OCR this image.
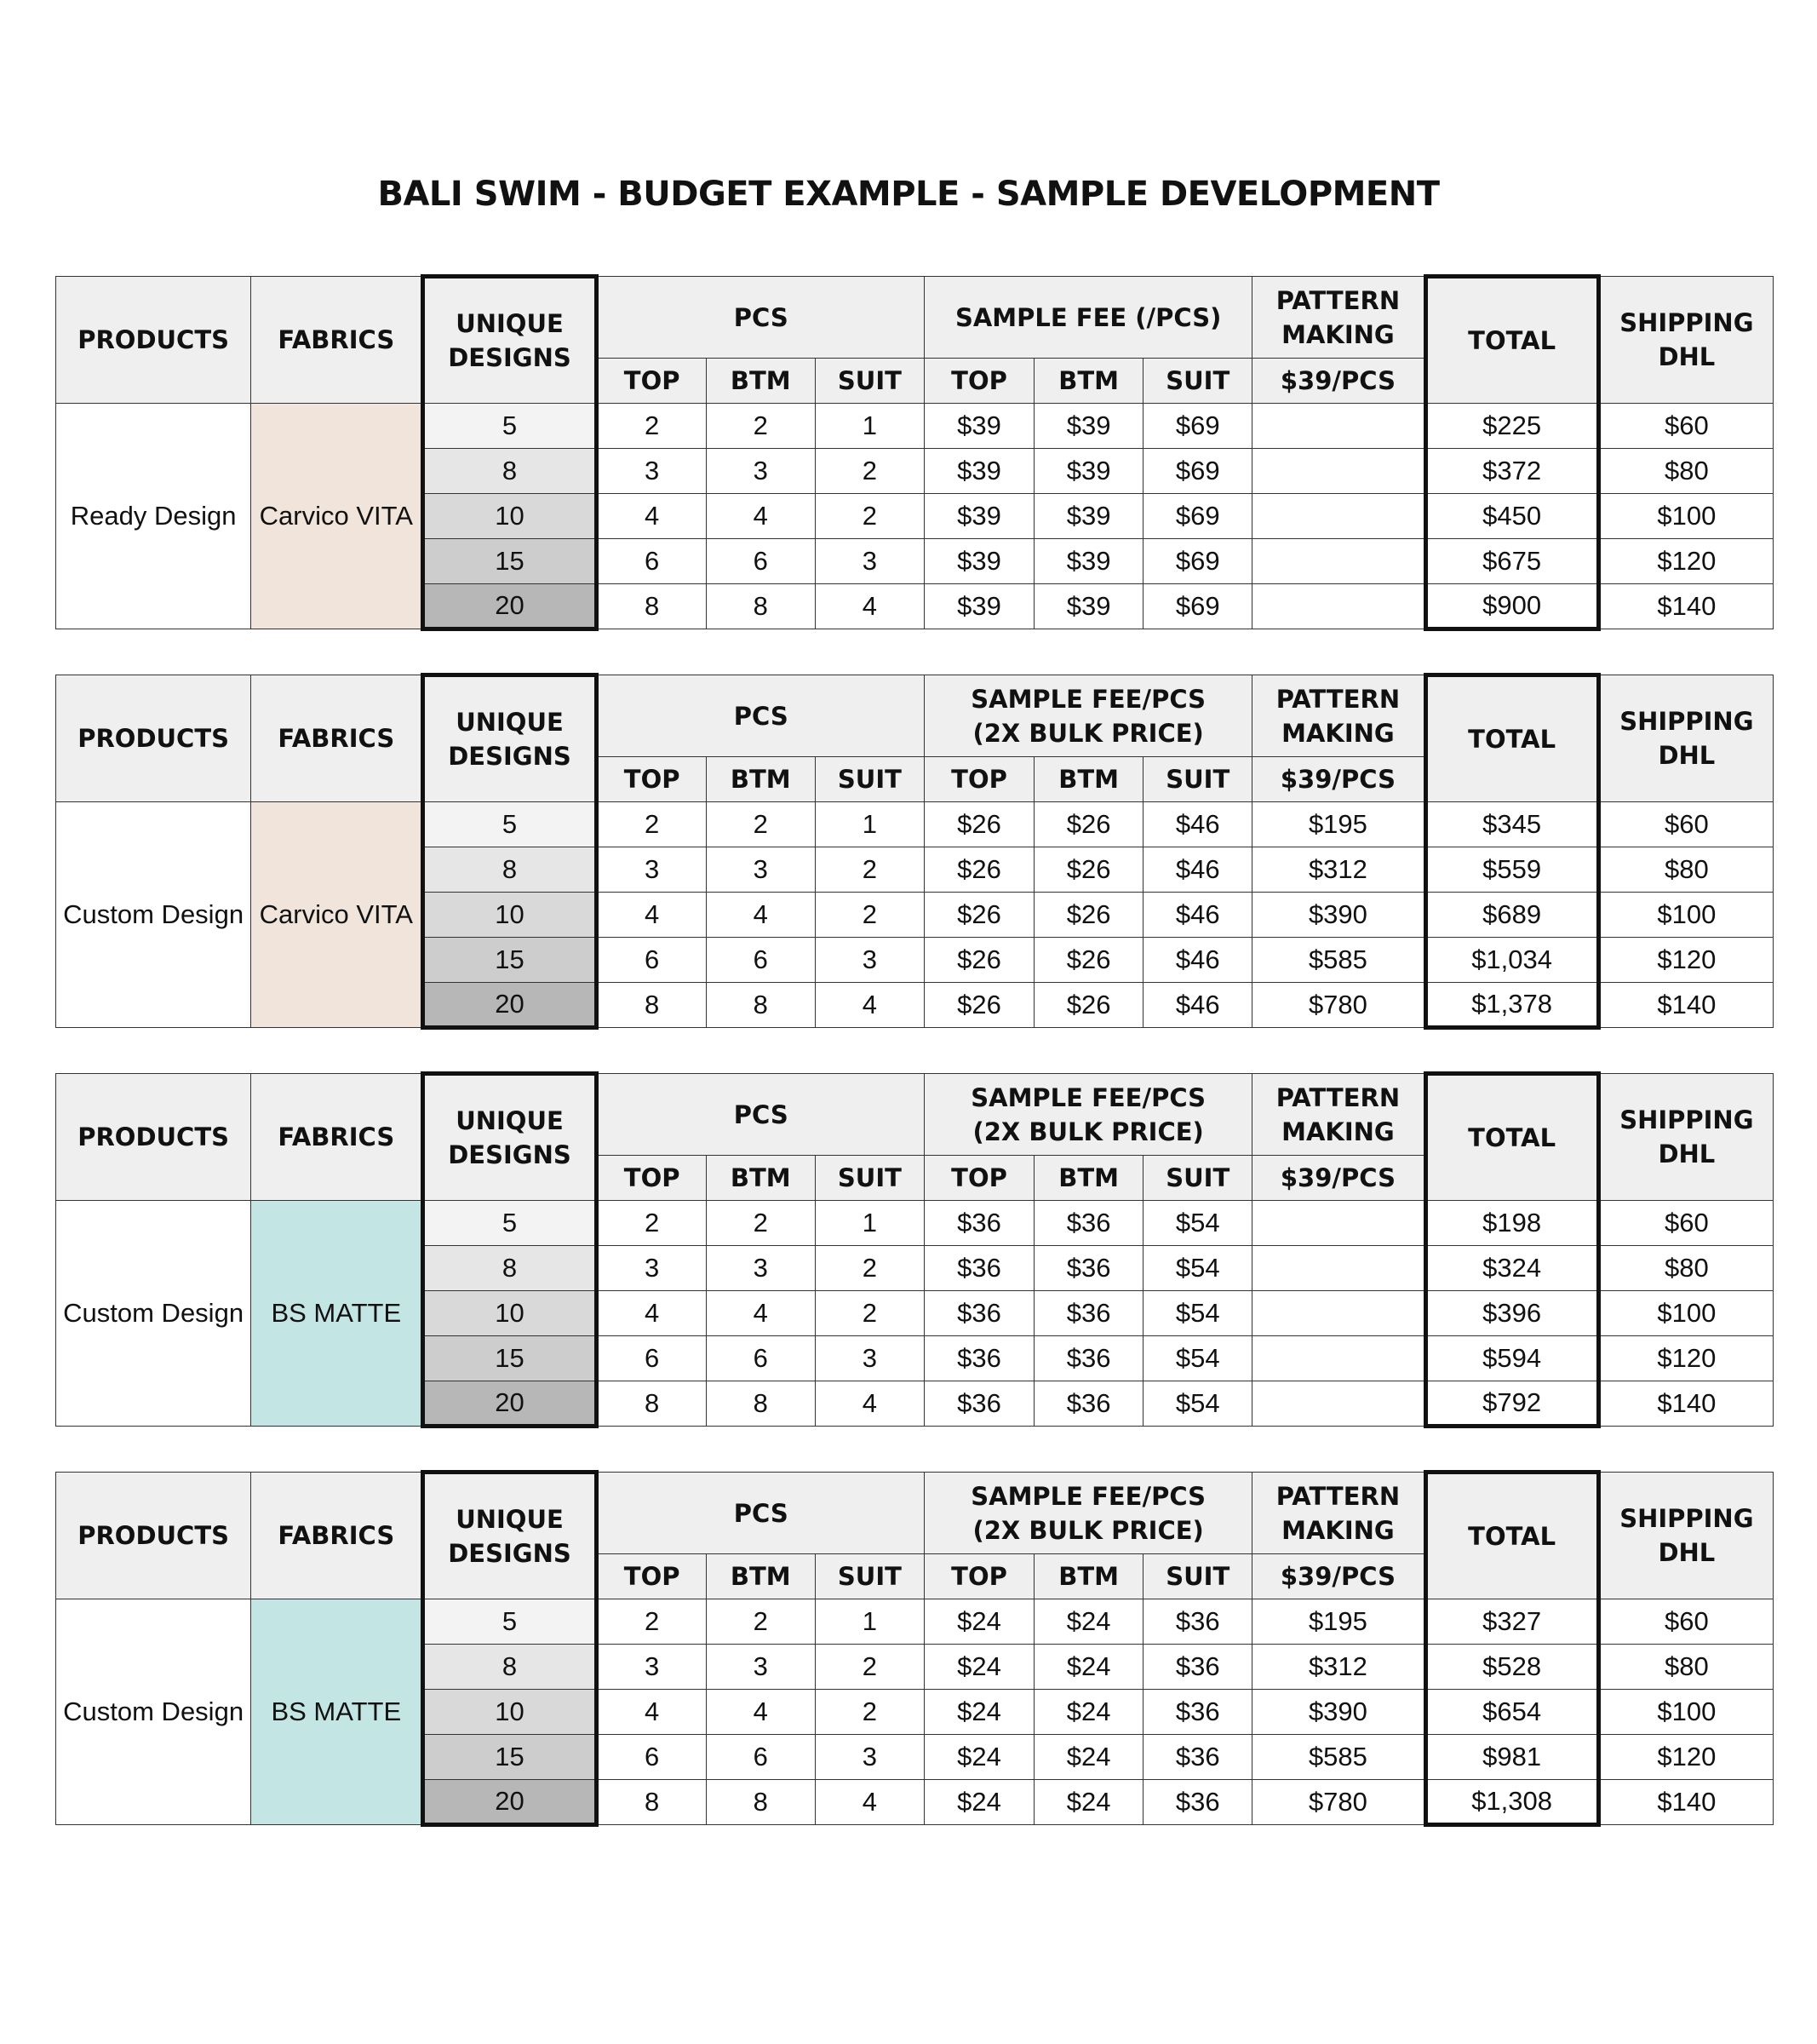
BALI SWIM - BUDGET EXAMPLE - SAMPLE DEVELOPMENT
PRODUCTS	FABRICS	UNIQUE
DESIGNS	PCS			SAMPLE FEE (/PCS)			PATTERN
MAKING	TOTAL	SHIPPING
DHL
			TOP	BTM	SUIT	TOP	BTM	SUIT	$39/PCS		
Ready Design	Carvico VITA	5	2	2	1	$39	$39	$69		$225	$60
		8	3	3	2	$39	$39	$69		$372	$80
		10	4	4	2	$39	$39	$69		$450	$100
		15	6	6	3	$39	$39	$69		$675	$120
		20	8	8	4	$39	$39	$69		$900	$140
PRODUCTS	FABRICS	UNIQUE
DESIGNS	PCS			SAMPLE FEE/PCS
(2X BULK PRICE)			PATTERN
MAKING	TOTAL	SHIPPING
DHL
			TOP	BTM	SUIT	TOP	BTM	SUIT	$39/PCS		
Custom Design	Carvico VITA	5	2	2	1	$26	$26	$46	$195	$345	$60
		8	3	3	2	$26	$26	$46	$312	$559	$80
		10	4	4	2	$26	$26	$46	$390	$689	$100
		15	6	6	3	$26	$26	$46	$585	$1,034	$120
		20	8	8	4	$26	$26	$46	$780	$1,378	$140
PRODUCTS	FABRICS	UNIQUE
DESIGNS	PCS			SAMPLE FEE/PCS
(2X BULK PRICE)			PATTERN
MAKING	TOTAL	SHIPPING
DHL
			TOP	BTM	SUIT	TOP	BTM	SUIT	$39/PCS		
Custom Design	BS MATTE	5	2	2	1	$36	$36	$54		$198	$60
		8	3	3	2	$36	$36	$54		$324	$80
		10	4	4	2	$36	$36	$54		$396	$100
		15	6	6	3	$36	$36	$54		$594	$120
		20	8	8	4	$36	$36	$54		$792	$140
PRODUCTS	FABRICS	UNIQUE
DESIGNS	PCS			SAMPLE FEE/PCS
(2X BULK PRICE)			PATTERN
MAKING	TOTAL	SHIPPING
DHL
			TOP	BTM	SUIT	TOP	BTM	SUIT	$39/PCS		
Custom Design	BS MATTE	5	2	2	1	$24	$24	$36	$195	$327	$60
		8	3	3	2	$24	$24	$36	$312	$528	$80
		10	4	4	2	$24	$24	$36	$390	$654	$100
		15	6	6	3	$24	$24	$36	$585	$981	$120
		20	8	8	4	$24	$24	$36	$780	$1,308	$140
